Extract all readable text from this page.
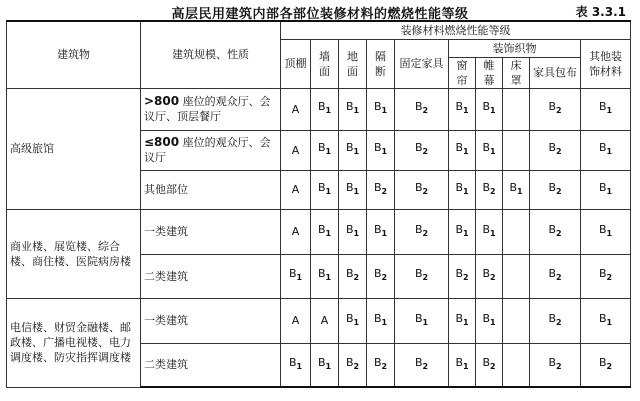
高层民用建筑内部各部位装修材料的燃烧性能等级	表 3.3.1
建筑物	建筑规模、性质	装修材料燃烧性能等级									
		顶棚	墙面	地面	隔断	固定家具	装饰织物				其他装饰材料
							窗帘	帷幕	床罩	家具包布	
高级旅馆	>800 座位的观众厅、会议厅、顶层餐厅	A	$B_1$	$B_1$	$B_1$	$B_2$	$B_1$	$B_1$		$B_2$	$B_1$
	≤800 座位的观众厅、会议厅	A	$B_1$	$B_1$	$B_1$	$B_2$	$B_1$	$B_1$		$B_2$	$B_1$
	其他部位	A	$B_1$	$B_1$	$B_2$	$B_2$	$B_1$	$B_2$	$B_1$	$B_2$	$B_1$
商业楼、展览楼、综合楼、商住楼、医院病房楼	一类建筑	A	$B_1$	$B_1$	$B_1$	$B_2$	$B_1$	$B_1$		$B_2$	$B_1$
	二类建筑	$B_1$	$B_1$	$B_2$	$B_2$	$B_2$	$B_2$	$B_2$		$B_2$	$B_2$
电信楼、财贸金融楼、邮政楼、广播电视楼、电力调度楼、防灾指挥调度楼	一类建筑	A	A	$B_1$	$B_1$	$B_1$	$B_1$	$B_1$		$B_2$	$B_1$
	二类建筑	$B_1$	$B_1$	$B_2$	$B_2$	$B_2$	$B_1$	$B_2$		$B_2$	$B_2$
